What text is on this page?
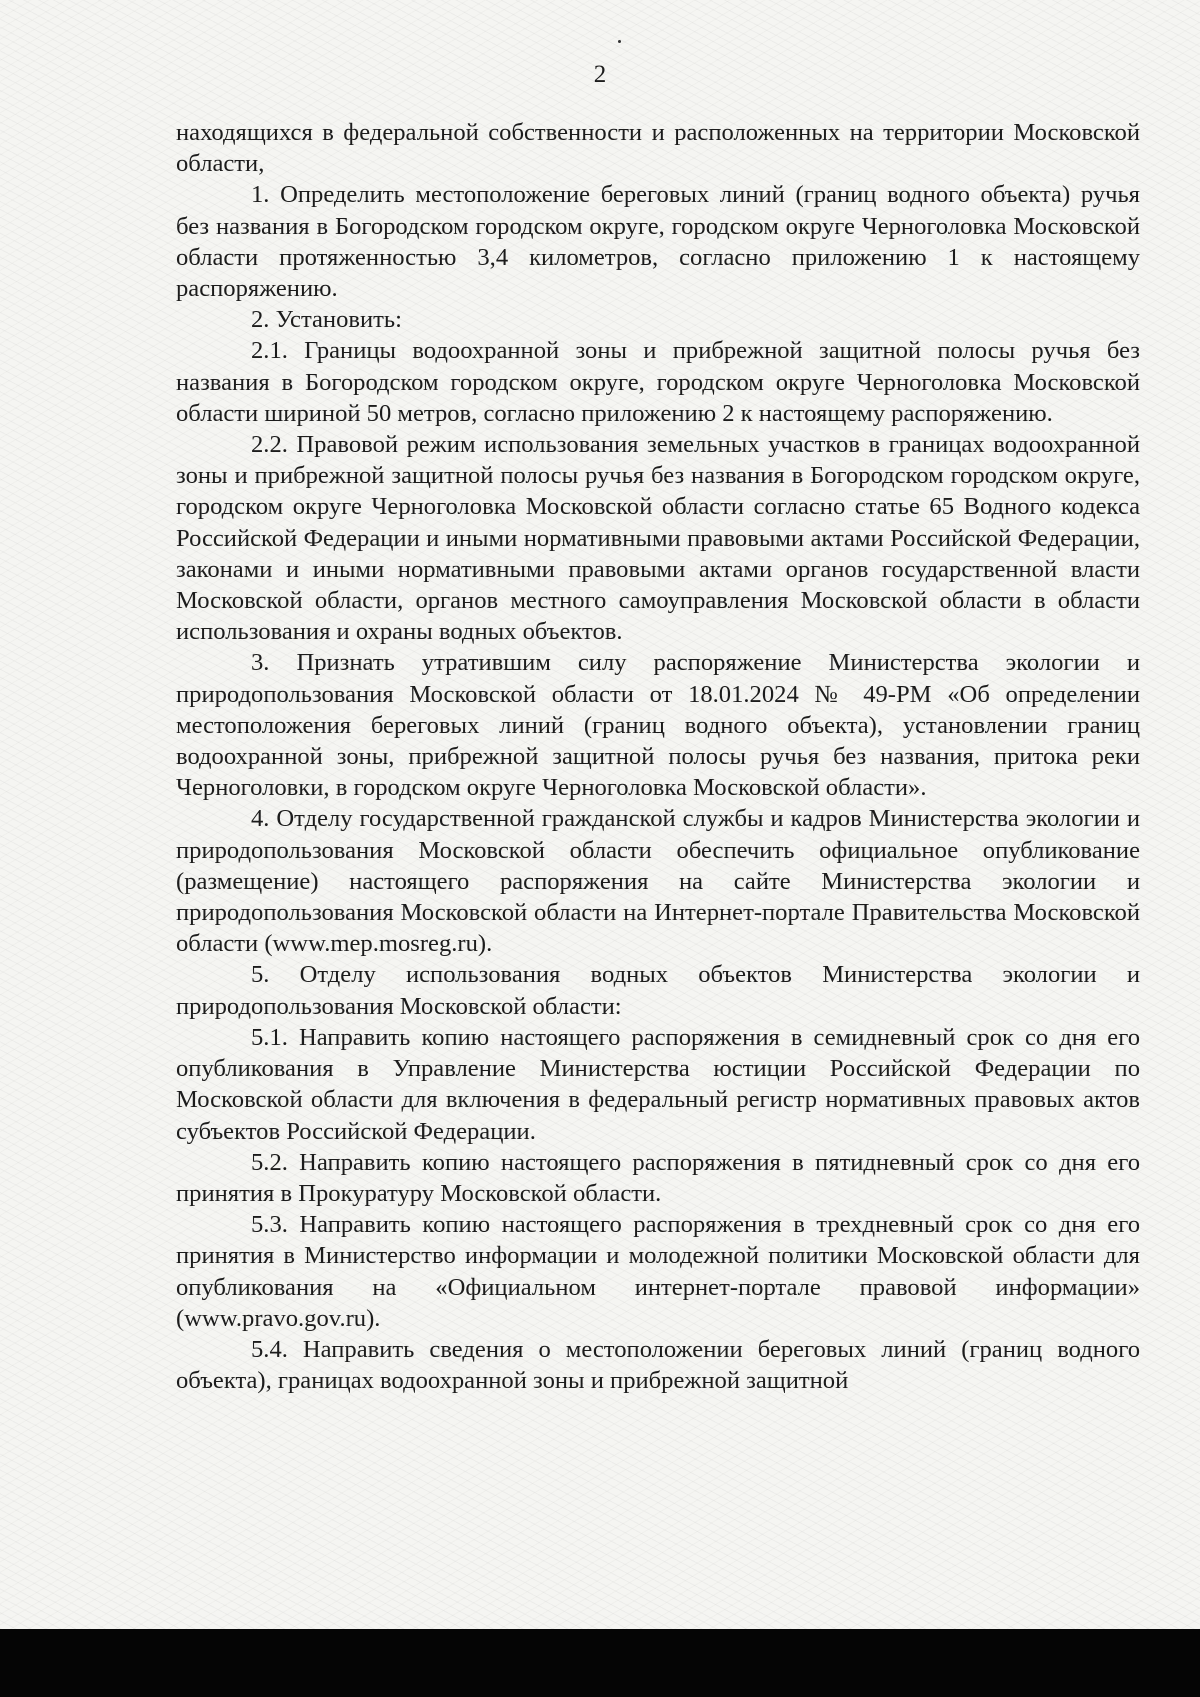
2

находящихся в федеральной собственности и расположенных на территории Московской области,

1. Определить местоположение береговых линий (границ водного объекта) ручья без названия в Богородском городском округе, городском округе Черноголовка Московской области протяженностью 3,4 километров, согласно приложению 1 к настоящему распоряжению.

2. Установить:

2.1. Границы водоохранной зоны и прибрежной защитной полосы ручья без названия в Богородском городском округе, городском округе Черноголовка Московской области шириной 50 метров, согласно приложению 2 к настоящему распоряжению.

2.2. Правовой режим использования земельных участков в границах водоохранной зоны и прибрежной защитной полосы ручья без названия в Богородском городском округе, городском округе Черноголовка Московской области согласно статье 65 Водного кодекса Российской Федерации и иными нормативными правовыми актами Российской Федерации, законами и иными нормативными правовыми актами органов государственной власти Московской области, органов местного самоуправления Московской области в области использования и охраны водных объектов.

3. Признать утратившим силу распоряжение Министерства экологии и природопользования Московской области от 18.01.2024 № 49-РМ «Об определении местоположения береговых линий (границ водного объекта), установлении границ водоохранной зоны, прибрежной защитной полосы ручья без названия, притока реки Черноголовки, в городском округе Черноголовка Московской области».

4. Отделу государственной гражданской службы и кадров Министерства экологии и природопользования Московской области обеспечить официальное опубликование (размещение) настоящего распоряжения на сайте Министерства экологии и природопользования Московской области на Интернет-портале Правительства Московской области (www.mep.mosreg.ru).

5. Отделу использования водных объектов Министерства экологии и природопользования Московской области:

5.1. Направить копию настоящего распоряжения в семидневный срок со дня его опубликования в Управление Министерства юстиции Российской Федерации по Московской области для включения в федеральный регистр нормативных правовых актов субъектов Российской Федерации.

5.2. Направить копию настоящего распоряжения в пятидневный срок со дня его принятия в Прокуратуру Московской области.

5.3. Направить копию настоящего распоряжения в трехдневный срок со дня его принятия в Министерство информации и молодежной политики Московской области для опубликования на «Официальном интернет-портале правовой информации» (www.pravo.gov.ru).

5.4. Направить сведения о местоположении береговых линий (границ водного объекта), границах водоохранной зоны и прибрежной защитной
